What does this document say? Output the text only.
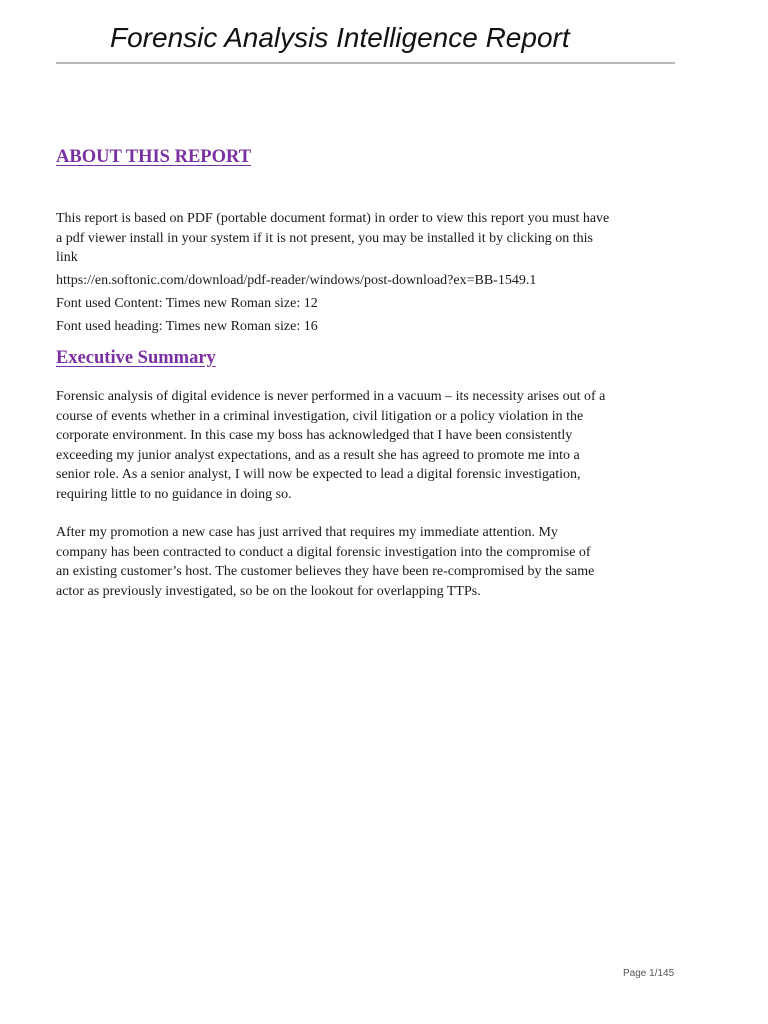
Forensic Analysis Intelligence Report
ABOUT THIS REPORT

This report is based on PDF (portable document format) in order to view this report you must have
a pdf viewer install in your system if it is not present, you may be installed it by clicking on this
link

https://en.softonic.com/download/pdf-reader/windows/post-download?ex=BB-1549.1

Font used Content: Times new Roman size: 12

Font used heading: Times new Roman size: 16

Executive Summary

Forensic analysis of digital evidence is never performed in a vacuum – its necessity arises out of a
course of events whether in a criminal investigation, civil litigation or a policy violation in the
corporate environment. In this case my boss has acknowledged that I have been consistently
exceeding my junior analyst expectations, and as a result she has agreed to promote me into a
senior role. As a senior analyst, I will now be expected to lead a digital forensic investigation,
requiring little to no guidance in doing so.

After my promotion a new case has just arrived that requires my immediate attention. My
company has been contracted to conduct a digital forensic investigation into the compromise of
an existing customer’s host. The customer believes they have been re-compromised by the same
actor as previously investigated, so be on the lookout for overlapping TTPs.

Page 1/145
